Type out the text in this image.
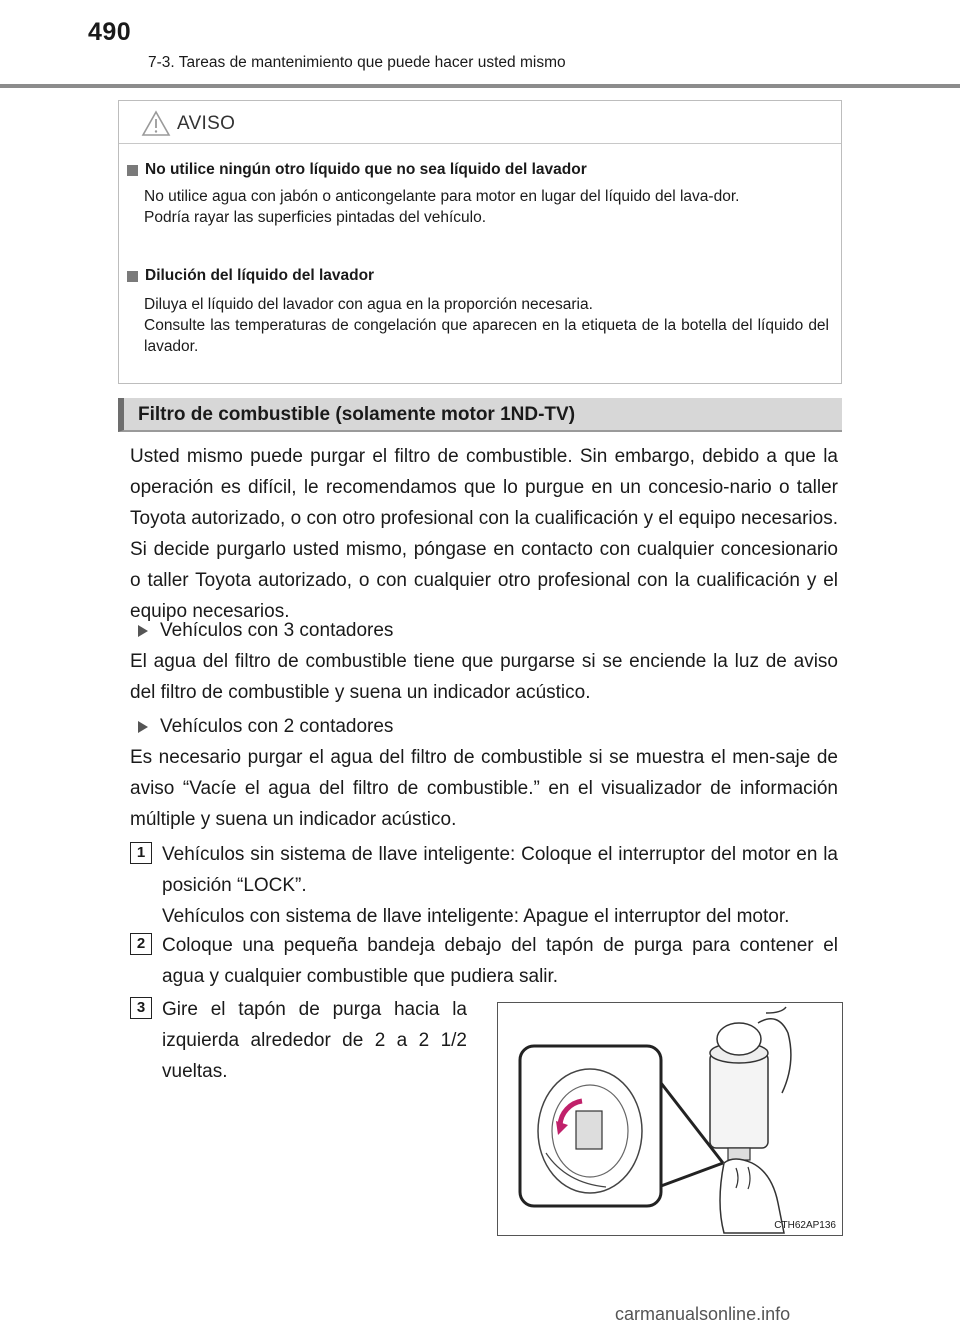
490
7-3. Tareas de mantenimiento que puede hacer usted mismo
AVISO
No utilice ningún otro líquido que no sea líquido del lavador
No utilice agua con jabón o anticongelante para motor en lugar del líquido del lava-dor.
Podría rayar las superficies pintadas del vehículo.
Dilución del líquido del lavador
Diluya el líquido del lavador con agua en la proporción necesaria.
Consulte las temperaturas de congelación que aparecen en la etiqueta de la botella del líquido del lavador.
Filtro de combustible (solamente motor 1ND-TV)
Usted mismo puede purgar el filtro de combustible. Sin embargo, debido a que la operación es difícil, le recomendamos que lo purgue en un concesio-nario o taller Toyota autorizado, o con otro profesional con la cualificación y el equipo necesarios. Si decide purgarlo usted mismo, póngase en contacto con cualquier concesionario o taller Toyota autorizado, o con cualquier otro profesional con la cualificación y el equipo necesarios.
Vehículos con 3 contadores
El agua del filtro de combustible tiene que purgarse si se enciende la luz de aviso del filtro de combustible y suena un indicador acústico.
Vehículos con 2 contadores
Es necesario purgar el agua del filtro de combustible si se muestra el men-saje de aviso “Vacíe el agua del filtro de combustible.” en el visualizador de información múltiple y suena un indicador acústico.
1 Vehículos sin sistema de llave inteligente: Coloque el interruptor del motor en la posición “LOCK”.
Vehículos con sistema de llave inteligente: Apague el interruptor del motor.
2 Coloque una pequeña bandeja debajo del tapón de purga para contener el agua y cualquier combustible que pudiera salir.
3 Gire el tapón de purga hacia la izquierda alrededor de 2 a 2 1/2 vueltas.
CTH62AP136
carmanualsonline.info
